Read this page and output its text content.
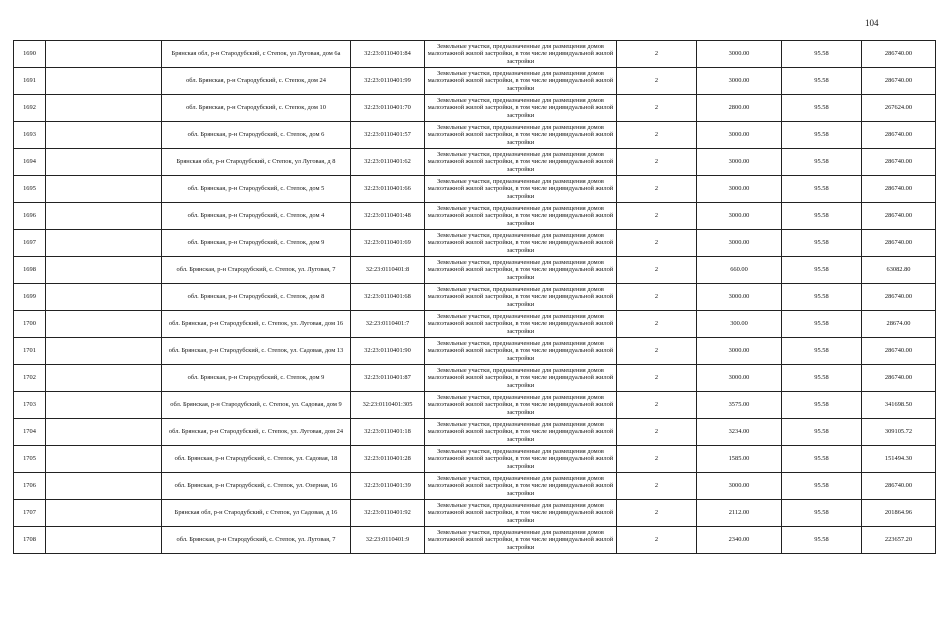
104
1690		Брянская обл, р-н Стародубский, с Степок, ул Луговая, дом 6а	32:23:0110401:84	Земельные участки, предназначенные для размещения домов малоэтажной жилой застройки, в том числе индивидуальной жилой застройки	2	3000.00	95.58	286740.00
1691		обл. Брянская, р-н Стародубский, с. Степок, дом 24	32:23:0110401:99	Земельные участки, предназначенные для размещения домов малоэтажной жилой застройки, в том числе индивидуальной жилой застройки	2	3000.00	95.58	286740.00
1692		обл. Брянская, р-н Стародубский, с. Степок, дом 10	32:23:0110401:70	Земельные участки, предназначенные для размещения домов малоэтажной жилой застройки, в том числе индивидуальной жилой застройки	2	2800.00	95.58	267624.00
1693		обл. Брянская, р-н Стародубский, с. Степок, дом 6	32:23:0110401:57	Земельные участки, предназначенные для размещения домов малоэтажной жилой застройки, в том числе индивидуальной жилой застройки	2	3000.00	95.58	286740.00
1694		Брянская обл, р-н Стародубский, с Степок, ул Луговая, д 8	32:23:0110401:62	Земельные участки, предназначенные для размещения домов малоэтажной жилой застройки, в том числе индивидуальной жилой застройки	2	3000.00	95.58	286740.00
1695		обл. Брянская, р-н Стародубский, с. Степок, дом 5	32:23:0110401:66	Земельные участки, предназначенные для размещения домов малоэтажной жилой застройки, в том числе индивидуальной жилой застройки	2	3000.00	95.58	286740.00
1696		обл. Брянская, р-н Стародубский, с. Степок, дом 4	32:23:0110401:48	Земельные участки, предназначенные для размещения домов малоэтажной жилой застройки, в том числе индивидуальной жилой застройки	2	3000.00	95.58	286740.00
1697		обл. Брянская, р-н Стародубский, с. Степок, дом 9	32:23:0110401:69	Земельные участки, предназначенные для размещения домов малоэтажной жилой застройки, в том числе индивидуальной жилой застройки	2	3000.00	95.58	286740.00
1698		обл. Брянская, р-н Стародубский, с. Степок, ул. Луговая, 7	32:23:0110401:8	Земельные участки, предназначенные для размещения домов малоэтажной жилой застройки, в том числе индивидуальной жилой застройки	2	660.00	95.58	63082.80
1699		обл. Брянская, р-н Стародубский, с. Степок, дом 8	32:23:0110401:68	Земельные участки, предназначенные для размещения домов малоэтажной жилой застройки, в том числе индивидуальной жилой застройки	2	3000.00	95.58	286740.00
1700		обл. Брянская, р-н Стародубский, с. Степок, ул. Луговая, дом 16	32:23:0110401:7	Земельные участки, предназначенные для размещения домов малоэтажной жилой застройки, в том числе индивидуальной жилой застройки	2	300.00	95.58	28674.00
1701		обл. Брянская, р-н Стародубский, с. Степок, ул. Садовая, дом 13	32:23:0110401:90	Земельные участки, предназначенные для размещения домов малоэтажной жилой застройки, в том числе индивидуальной жилой застройки	2	3000.00	95.58	286740.00
1702		обл. Брянская, р-н Стародубский, с. Степок, дом 9	32:23:0110401:87	Земельные участки, предназначенные для размещения домов малоэтажной жилой застройки, в том числе индивидуальной жилой застройки	2	3000.00	95.58	286740.00
1703		обл. Брянская, р-н Стародубский, с. Степок, ул. Садовая, дом 9	32:23:0110401:305	Земельные участки, предназначенные для размещения домов малоэтажной жилой застройки, в том числе индивидуальной жилой застройки	2	3575.00	95.58	341698.50
1704		обл. Брянская, р-н Стародубский, с. Степок, ул. Луговая, дом 24	32:23:0110401:18	Земельные участки, предназначенные для размещения домов малоэтажной жилой застройки, в том числе индивидуальной жилой застройки	2	3234.00	95.58	309105.72
1705		обл. Брянская, р-н Стародубский, с. Степок, ул. Садовая, 18	32:23:0110401:28	Земельные участки, предназначенные для размещения домов малоэтажной жилой застройки, в том числе индивидуальной жилой застройки	2	1585.00	95.58	151494.30
1706		обл. Брянская, р-н Стародубский, с. Степок, ул. Озерная, 16	32:23:0110401:39	Земельные участки, предназначенные для размещения домов малоэтажной жилой застройки, в том числе индивидуальной жилой застройки	2	3000.00	95.58	286740.00
1707		Брянская обл, р-н Стародубский, с Степок, ул Садовая, д 16	32:23:0110401:92	Земельные участки, предназначенные для размещения домов малоэтажной жилой застройки, в том числе индивидуальной жилой застройки	2	2112.00	95.58	201864.96
1708		обл. Брянская, р-н Стародубский, с. Степок, ул. Луговая, 7	32:23:0110401:9	Земельные участки, предназначенные для размещения домов малоэтажной жилой застройки, в том числе индивидуальной жилой застройки	2	2340.00	95.58	223657.20
